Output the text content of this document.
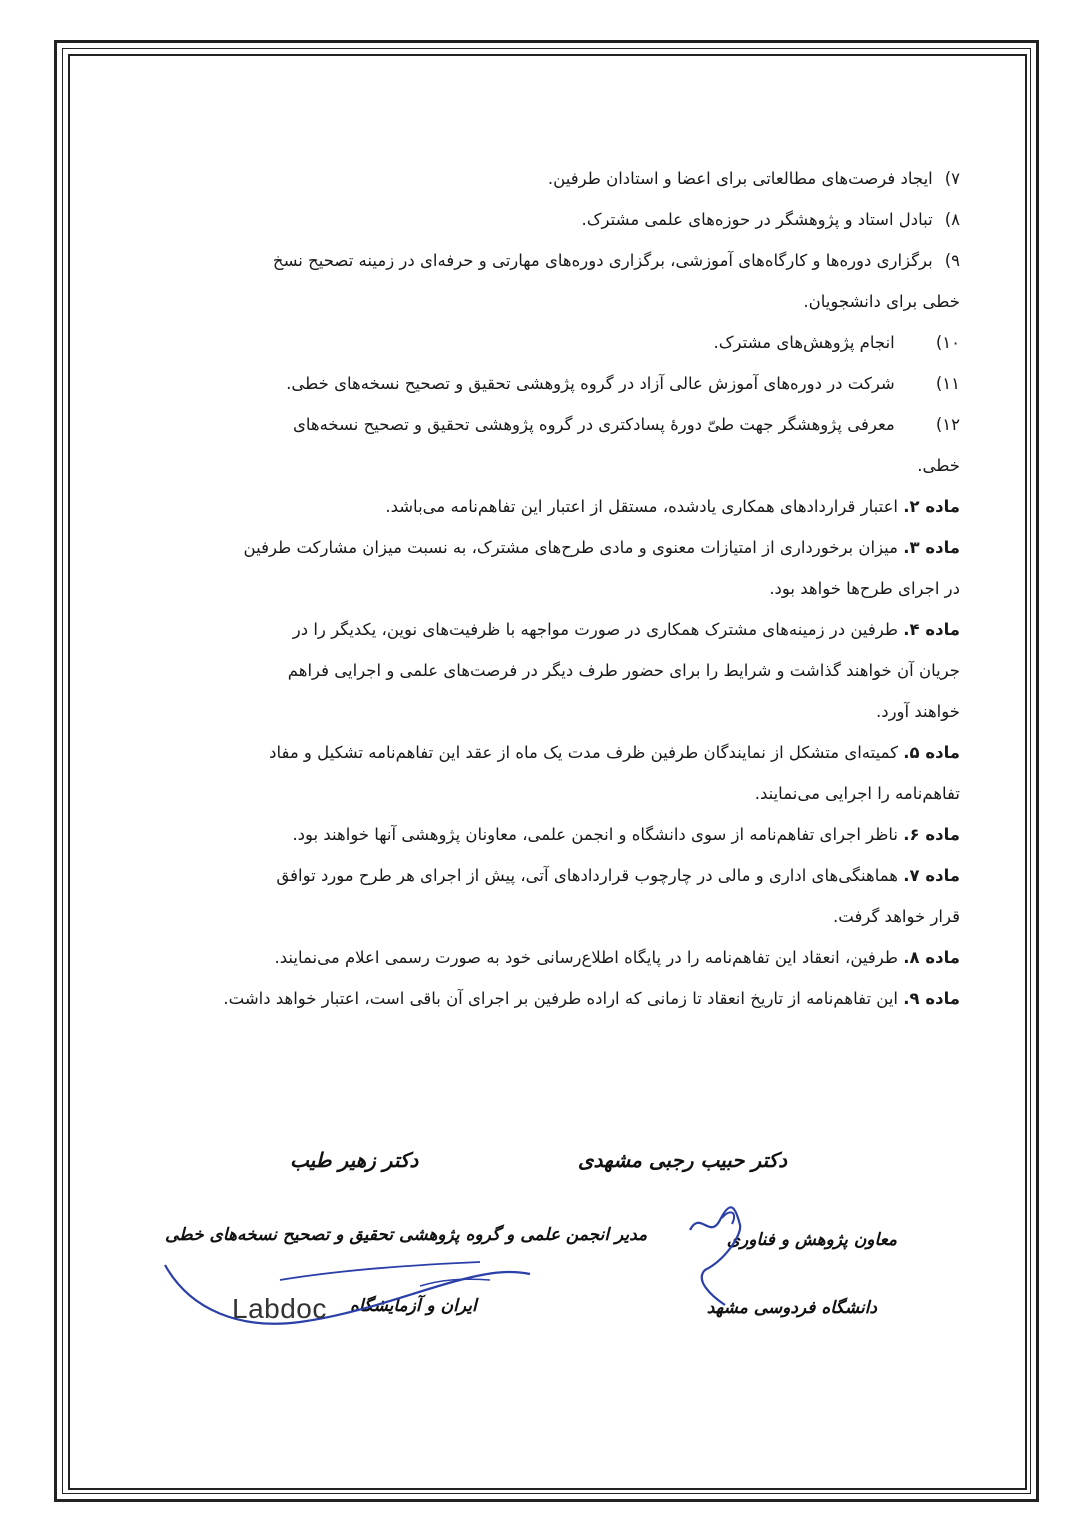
۷) ایجاد فرصت‌های مطالعاتی برای اعضا و استادان طرفین.
۸) تبادل استاد و پژوهشگر در حوزه‌های علمی مشترک.
۹) برگزاری دوره‌ها و کارگاه‌های آموزشی، برگزاری دوره‌های مهارتی و حرفه‌ای در زمینه تصحیح نسخ
خطی برای دانشجویان.
۱۰) انجام پژوهش‌های مشترک.
۱۱) شرکت در دوره‌های آموزش عالی آزاد در گروه پژوهشی تحقیق و تصحیح نسخه‌های خطی.
۱۲) معرفی پژوهشگر جهت طیّ دورهٔ پسادکتری در گروه پژوهشی تحقیق و تصحیح نسخه‌های
خطی.
ماده ۲. اعتبار قراردادهای همکاری یادشده، مستقل از اعتبار این تفاهم‌نامه می‌باشد.
ماده ۳. میزان برخورداری از امتیازات معنوی و مادی طرح‌های مشترک، به نسبت میزان مشارکت طرفین
در اجرای طرح‌ها خواهد بود.
ماده ۴. طرفین در زمینه‌های مشترک همکاری در صورت مواجهه با ظرفیت‌های نوین، یکدیگر را در
جریان آن خواهند گذاشت و شرایط را برای حضور طرف دیگر در فرصت‌های علمی و اجرایی فراهم
خواهند آورد.
ماده ۵. کمیته‌ای متشکل از نمایندگان طرفین ظرف مدت یک ماه از عقد این تفاهم‌نامه تشکیل و مفاد
تفاهم‌نامه را اجرایی می‌نمایند.
ماده ۶. ناظر اجرای تفاهم‌نامه از سوی دانشگاه و انجمن علمی، معاونان پژوهشی آنها خواهند بود.
ماده ۷. هماهنگی‌های اداری و مالی در چارچوب قراردادهای آتی، پیش از اجرای هر طرح مورد توافق
قرار خواهد گرفت.
ماده ۸. طرفین، انعقاد این تفاهم‌نامه را در پایگاه اطلاع‌رسانی خود به صورت رسمی اعلام می‌نمایند.
ماده ۹. این تفاهم‌نامه از تاریخ انعقاد تا زمانی که اراده طرفین بر اجرای آن باقی است، اعتبار خواهد داشت.
دکتر حبیب رجبی مشهدی
معاون پژوهش و فناوری
دانشگاه فردوسی مشهد
دکتر زهیر طیب
مدیر انجمن علمی و گروه پژوهشی تحقیق و تصحیح نسخه‌های خطی
ایران و آزمایشگاه
Labdoc
